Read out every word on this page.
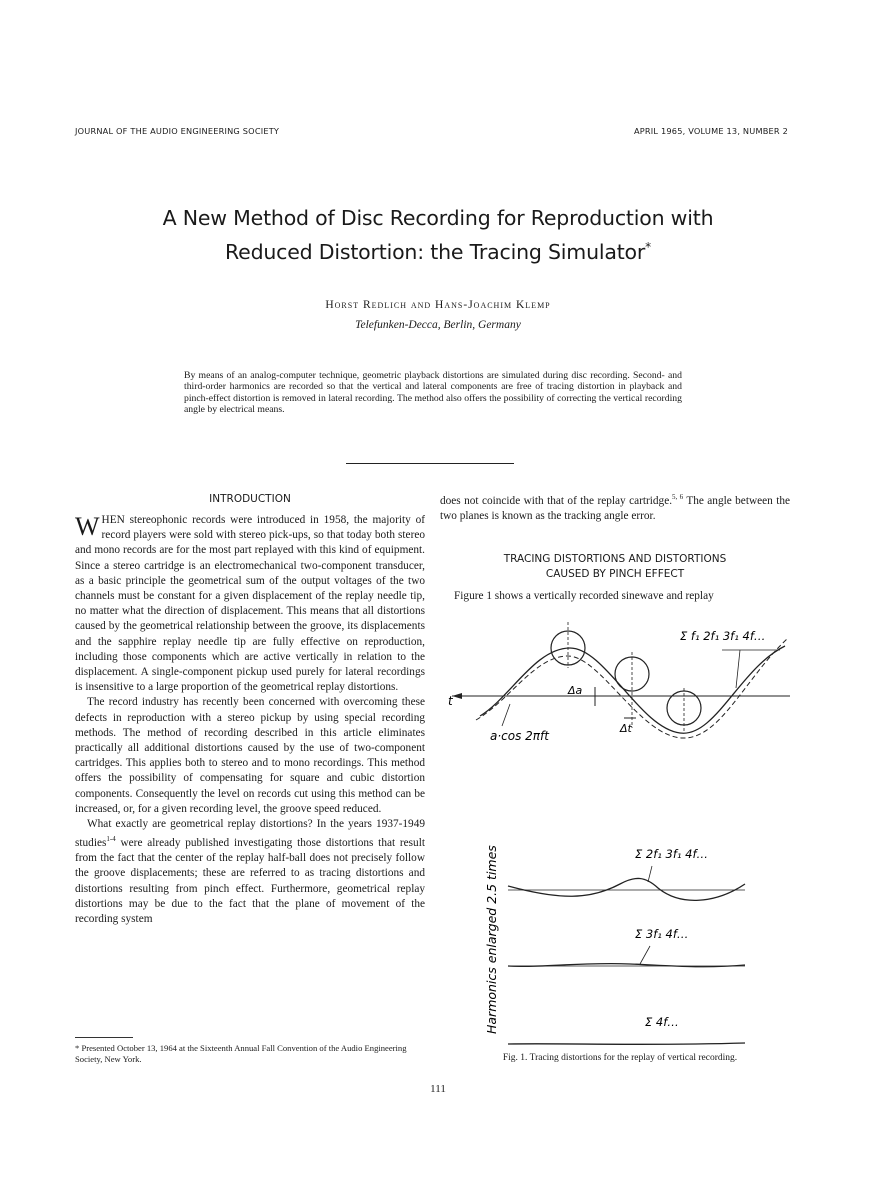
JOURNAL OF THE AUDIO ENGINEERING SOCIETY	APRIL 1965, VOLUME 13, NUMBER 2
A New Method of Disc Recording for Reproduction with
Reduced Distortion: the Tracing Simulator*
Horst Redlich and Hans-Joachim Klemp
Telefunken-Decca, Berlin, Germany
By means of an analog-computer technique, geometric playback distortions are simulated during disc recording. Second- and third-order harmonics are recorded so that the vertical and lateral components are free of tracing distortion in playback and pinch-effect distortion is removed in lateral recording. The method also offers the possibility of correcting the vertical recording angle by electrical means.
INTRODUCTION

WHEN stereophonic records were introduced in 1958, the majority of record players were sold with stereo pick-ups, so that today both stereo and mono records are for the most part replayed with this kind of equipment. Since a stereo cartridge is an electromechanical two-component transducer, as a basic principle the geometrical sum of the output voltages of the two channels must be constant for a given displacement of the replay needle tip, no matter what the direction of displacement. This means that all distortions caused by the geometrical relationship between the groove, its displacements and the sapphire replay needle tip are fully effective on reproduction, including those components which are active vertically in relation to the displacement. A single-component pickup used purely for lateral recordings is insensitive to a large proportion of the geometrical replay distortions.

The record industry has recently been concerned with overcoming these defects in reproduction with a stereo pickup by using special recording methods. The method of recording described in this article eliminates practically all additional distortions caused by the use of two-component cartridges. This applies both to stereo and to mono recordings. This method offers the possibility of compensating for square and cubic distortion components. Consequently the level on records cut using this method can be increased, or, for a given recording level, the groove speed reduced.

What exactly are geometrical replay distortions? In the years 1937-1949 studies$^{1-4}$ were already published investigating those distortions that result from the fact that the center of the replay half-ball does not precisely follow the groove displacements; these are referred to as tracing distortions and distortions resulting from pinch effect. Furthermore, geometrical replay distortions may be due to the fact that the plane of movement of the recording system

* Presented October 13, 1964 at the Sixteenth Annual Fall Convention of the Audio Engineering Society, New York.
does not coincide with that of the replay cartridge.$^{5, 6}$ The angle between the two planes is known as the tracking angle error.
TRACING DISTORTIONS AND DISTORTIONS
CAUSED BY PINCH EFFECT
Figure 1 shows a vertically recorded sinewave and replay
t
Δa
Δt
a·cos 2πft
Σ f₁ 2f₁ 3f₁ 4f…
Harmonics enlarged 2.5 times	Σ 2f₁ 3f₁ 4f…
Σ 3f₁ 4f…
Σ 4f…
Fig. 1. Tracing distortions for the replay of vertical recording.
111
